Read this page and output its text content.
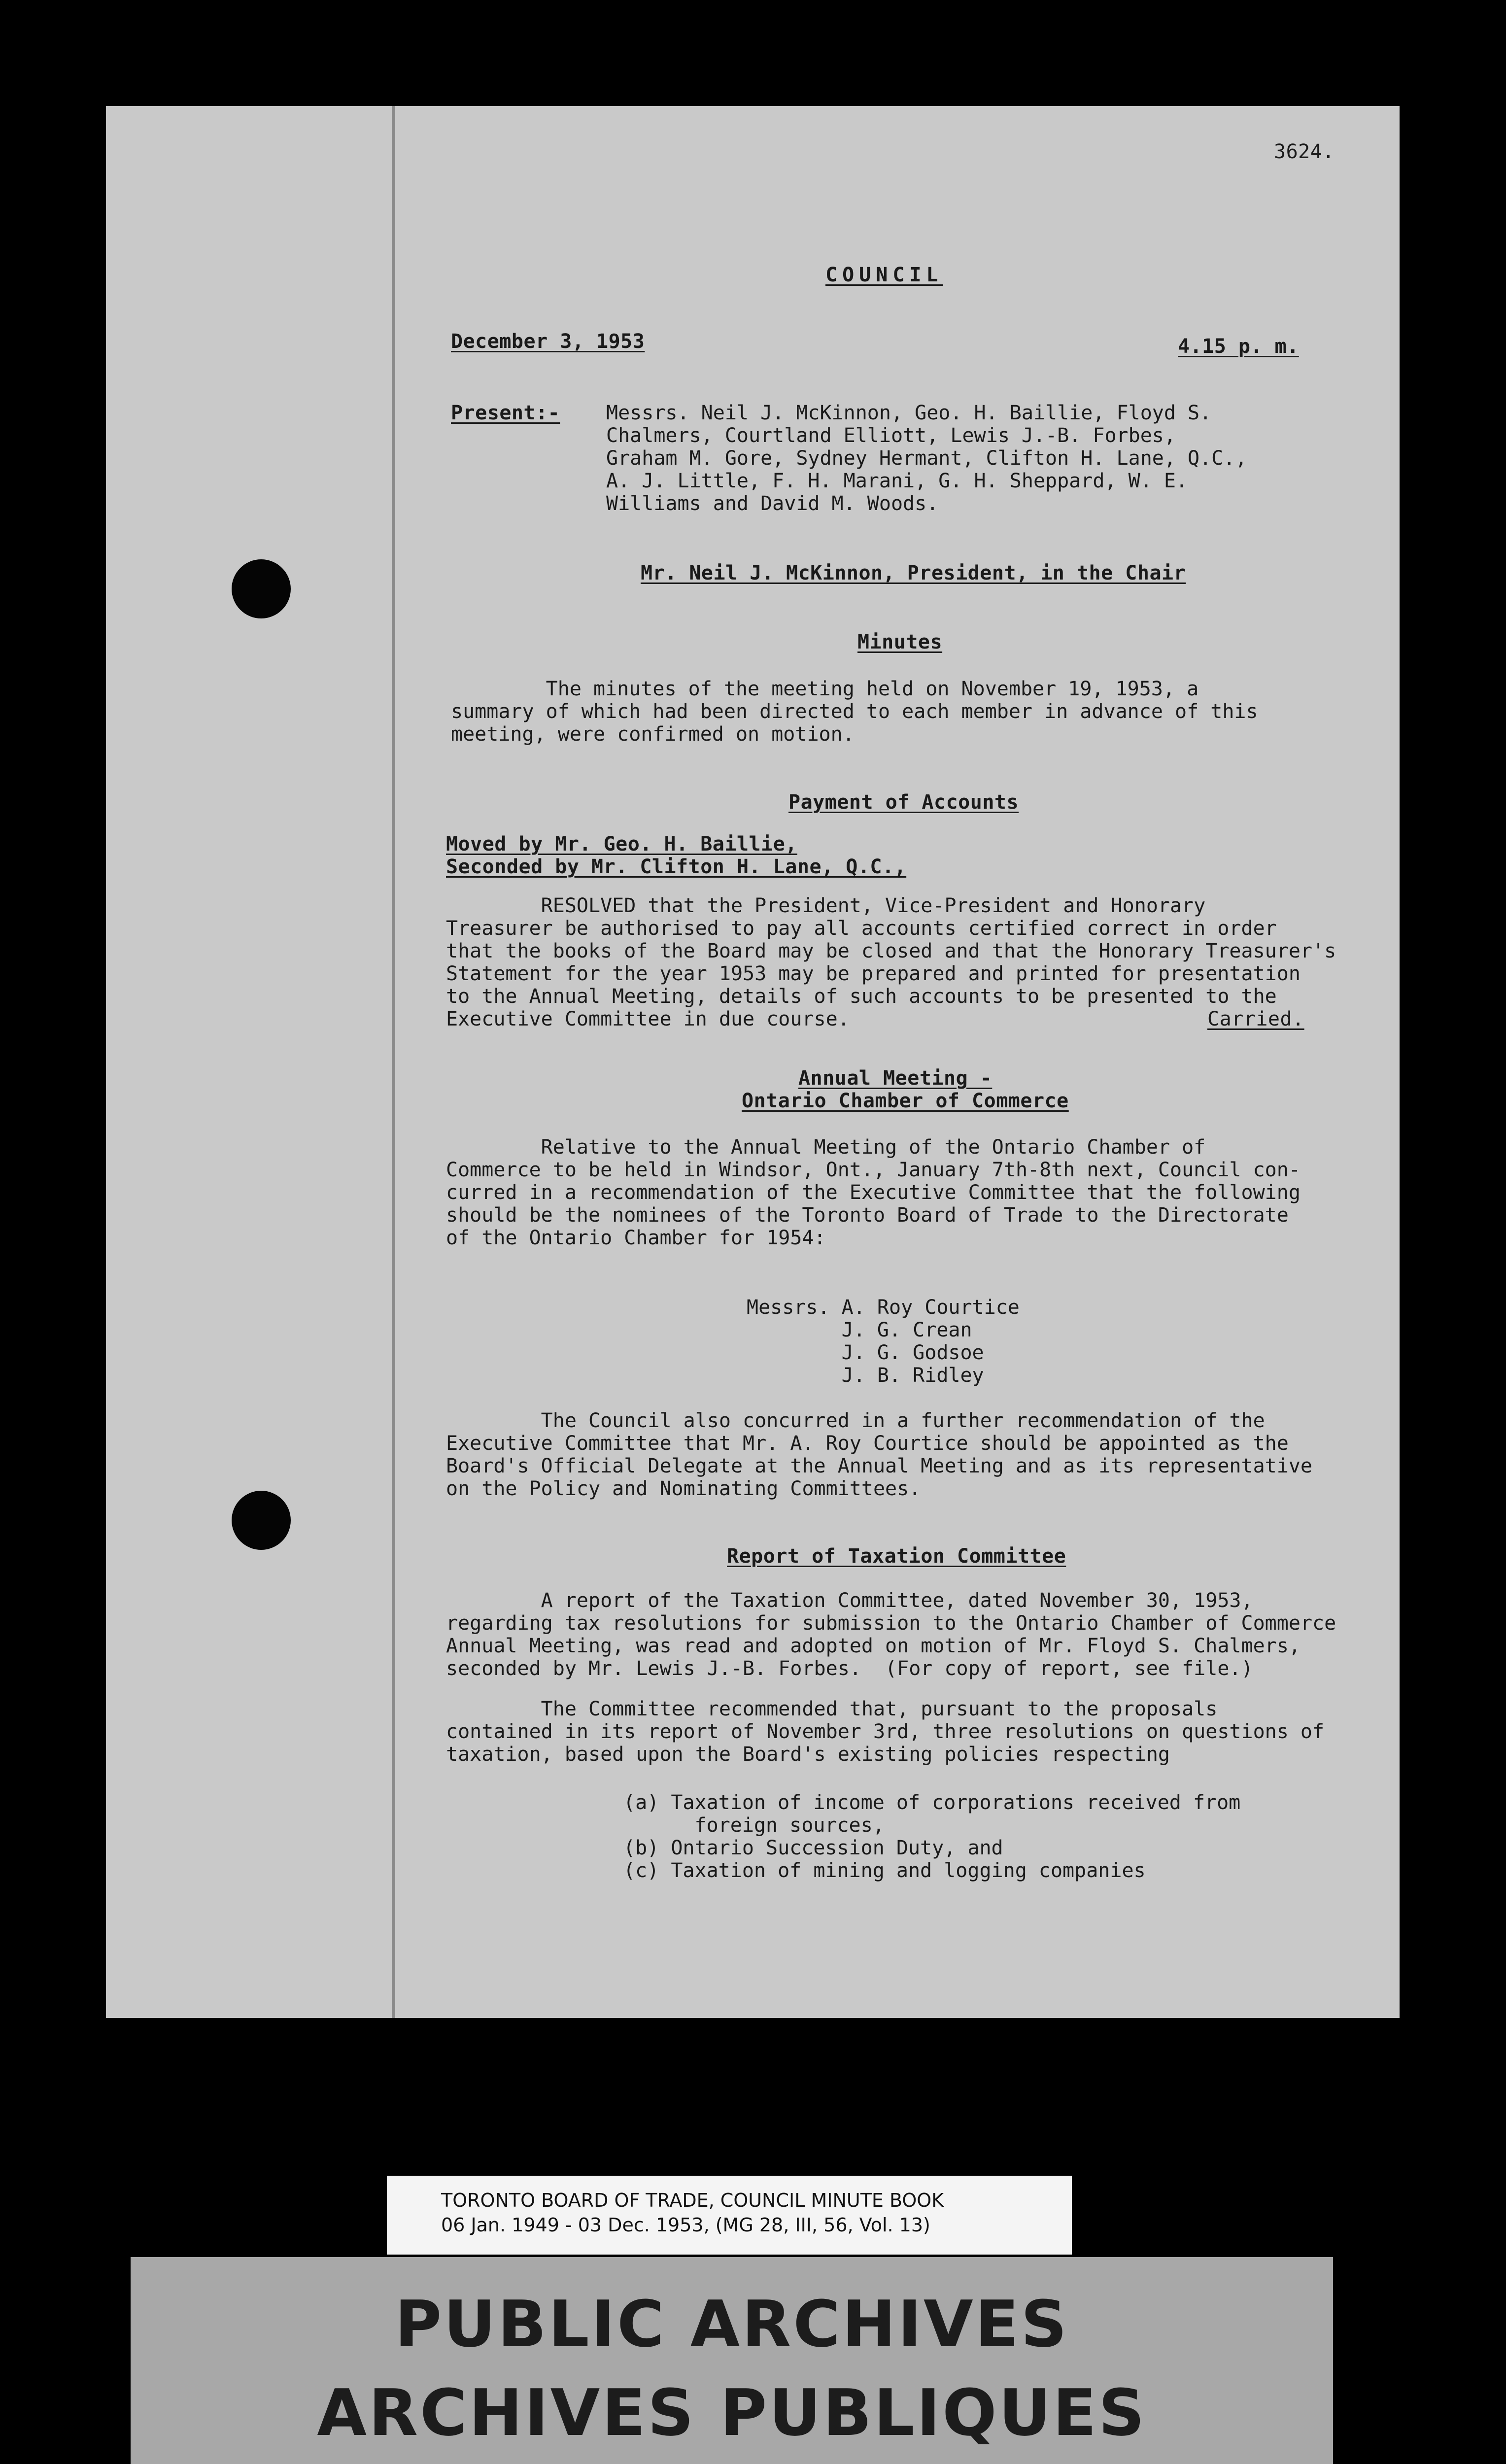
3624.
COUNCIL
December 3, 1953	4.15 p. m.
Present:- Messrs. Neil J. McKinnon, Geo. H. Baillie, Floyd S.
Chalmers, Courtland Elliott, Lewis J.-B. Forbes,
Graham M. Gore, Sydney Hermant, Clifton H. Lane, Q.C.,
A. J. Little, F. H. Marani, G. H. Sheppard, W. E.
Williams and David M. Woods.
Mr. Neil J. McKinnon, President, in the Chair
Minutes
The minutes of the meeting held on November 19, 1953, a
summary of which had been directed to each member in advance of this
meeting, were confirmed on motion.
Payment of Accounts
Moved by Mr. Geo. H. Baillie,
Seconded by Mr. Clifton H. Lane, Q.C.,
RESOLVED that the President, Vice-President and Honorary
Treasurer be authorised to pay all accounts certified correct in order
that the books of the Board may be closed and that the Honorary Treasurer's
Statement for the year 1953 may be prepared and printed for presentation
to the Annual Meeting, details of such accounts to be presented to the
Executive Committee in due course.	Carried.
Annual Meeting -
Ontario Chamber of Commerce
Relative to the Annual Meeting of the Ontario Chamber of
Commerce to be held in Windsor, Ont., January 7th-8th next, Council con-
curred in a recommendation of the Executive Committee that the following
should be the nominees of the Toronto Board of Trade to the Directorate
of the Ontario Chamber for 1954:
Messrs. A. Roy Courtice
J. G. Crean
J. G. Godsoe
J. B. Ridley
The Council also concurred in a further recommendation of the
Executive Committee that Mr. A. Roy Courtice should be appointed as the
Board's Official Delegate at the Annual Meeting and as its representative
on the Policy and Nominating Committees.
Report of Taxation Committee
A report of the Taxation Committee, dated November 30, 1953,
regarding tax resolutions for submission to the Ontario Chamber of Commerce
Annual Meeting, was read and adopted on motion of Mr. Floyd S. Chalmers,
seconded by Mr. Lewis J.-B. Forbes.  (For copy of report, see file.)
The Committee recommended that, pursuant to the proposals
contained in its report of November 3rd, three resolutions on questions of
taxation, based upon the Board's existing policies respecting
(a) Taxation of income of corporations received from
foreign sources,
(b) Ontario Succession Duty, and
(c) Taxation of mining and logging companies
TORONTO BOARD OF TRADE, COUNCIL MINUTE BOOK
06 Jan. 1949 - 03 Dec. 1953, (MG 28, III, 56, Vol. 13)
PUBLIC ARCHIVES
ARCHIVES PUBLIQUES
